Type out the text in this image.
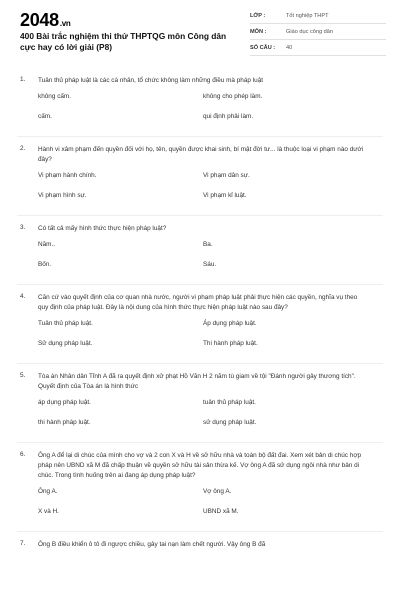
2048.vn
400 Bài trắc nghiệm thi thử THPTQG môn Công dân cực hay có lời giải (P8)
LỚP :	Tốt nghiệp THPT
MÔN :	Giáo dục công dân
SỐ CÂU :	40
1. Tuân thủ pháp luật là các cá nhân, tổ chức không làm những điều mà pháp luật
không cấm.	không cho phép làm.
cấm.	qui định phải làm.
2. Hành vi xâm phạm đến quyền đối với họ, tên, quyền được khai sinh, bí mật đời tư... là thuộc loại vi phạm nào dưới đây?
Vi phạm hành chính.	Vi phạm dân sự.
Vi phạm hình sự.	Vi phạm kỉ luật.
3. Có tất cả mấy hình thức thực hiện pháp luật?
Năm..	Ba.
Bốn.	Sáu.
4. Căn cứ vào quyết định của cơ quan nhà nước, người vi phạm pháp luật phải thực hiện các quyền, nghĩa vụ theo quy định của pháp luật. Đây là nội dung của hình thức thực hiện pháp luật nào sau đây?
Tuân thủ pháp luật.	Áp dụng pháp luật.
Sử dụng pháp luật.	Thi hành pháp luật.
5. Tòa án Nhân dân Tỉnh A đã ra quyết định xử phạt Hồ Văn H 2 năm tù giam về tội "Đánh người gây thương tích". Quyết định của Tòa án là hình thức
áp dụng pháp luật.	tuân thủ pháp luật.
thi hành pháp luật.	sử dụng pháp luật.
6. Ông A để lại di chúc của mình cho vợ và 2 con X và H về sở hữu nhà và toàn bộ đất đai. Xem xét bản di chúc hợp pháp nên UBND xã M đã chấp thuận về quyền sở hữu tài sản thừa kế. Vợ ông A đã sử dụng ngôi nhà như bản di chúc. Trong tình huống trên ai đang áp dụng pháp luật?
Ông A.	Vợ ông A.
X và H.	UBND xã M.
7. Ông B điều khiển ô tô đi ngược chiều, gây tai nạn làm chết người. Vậy ông B đã
